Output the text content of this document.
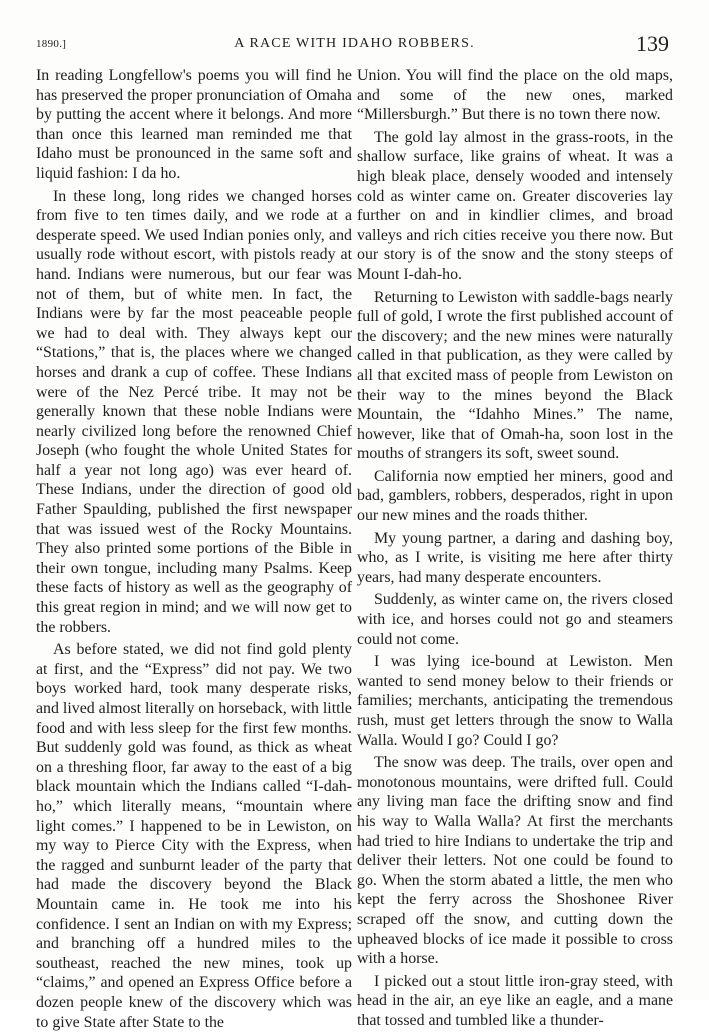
1890.]	A RACE WITH IDAHO ROBBERS.	139

In reading Longfellow's poems you will find he has preserved the proper pronunciation of Omaha by putting the accent where it belongs. And more than once this learned man reminded me that Idaho must be pronounced in the same soft and liquid fashion: I da ho.

In these long, long rides we changed horses from five to ten times daily, and we rode at a desperate speed. We used Indian ponies only, and usually rode without escort, with pistols ready at hand. Indians were numerous, but our fear was not of them, but of white men. In fact, the Indians were by far the most peaceable people we had to deal with. They always kept our “Stations,” that is, the places where we changed horses and drank a cup of coffee. These Indians were of the Nez Percé tribe. It may not be generally known that these noble Indians were nearly civilized long before the renowned Chief Joseph (who fought the whole United States for half a year not long ago) was ever heard of. These Indians, under the direction of good old Father Spaulding, published the first newspaper that was issued west of the Rocky Mountains. They also printed some portions of the Bible in their own tongue, including many Psalms. Keep these facts of history as well as the geography of this great region in mind; and we will now get to the robbers.

As before stated, we did not find gold plenty at first, and the “Express” did not pay. We two boys worked hard, took many desperate risks, and lived almost literally on horseback, with little food and with less sleep for the first few months. But suddenly gold was found, as thick as wheat on a threshing floor, far away to the east of a big black mountain which the Indians called “I-dah-ho,” which literally means, “mountain where light comes.” I happened to be in Lewiston, on my way to Pierce City with the Express, when the ragged and sunburnt leader of the party that had made the discovery beyond the Black Mountain came in. He took me into his confidence. I sent an Indian on with my Express; and branching off a hundred miles to the southeast, reached the new mines, took up “claims,” and opened an Express Office before a dozen people knew of the discovery which was to give State after State to the

Union. You will find the place on the old maps, and some of the new ones, marked “Millersburgh.” But there is no town there now.

The gold lay almost in the grass-roots, in the shallow surface, like grains of wheat. It was a high bleak place, densely wooded and intensely cold as winter came on. Greater discoveries lay further on and in kindlier climes, and broad valleys and rich cities receive you there now. But our story is of the snow and the stony steeps of Mount I-dah-ho.

Returning to Lewiston with saddle-bags nearly full of gold, I wrote the first published account of the discovery; and the new mines were naturally called in that publication, as they were called by all that excited mass of people from Lewiston on their way to the mines beyond the Black Mountain, the “Idahho Mines.” The name, however, like that of Omah-ha, soon lost in the mouths of strangers its soft, sweet sound.

California now emptied her miners, good and bad, gamblers, robbers, desperados, right in upon our new mines and the roads thither.

My young partner, a daring and dashing boy, who, as I write, is visiting me here after thirty years, had many desperate encounters.

Suddenly, as winter came on, the rivers closed with ice, and horses could not go and steamers could not come.

I was lying ice-bound at Lewiston. Men wanted to send money below to their friends or families; merchants, anticipating the tremendous rush, must get letters through the snow to Walla Walla. Would I go? Could I go?

The snow was deep. The trails, over open and monotonous mountains, were drifted full. Could any living man face the drifting snow and find his way to Walla Walla? At first the merchants had tried to hire Indians to undertake the trip and deliver their letters. Not one could be found to go. When the storm abated a little, the men who kept the ferry across the Shoshonee River scraped off the snow, and cutting down the upheaved blocks of ice made it possible to cross with a horse.

I picked out a stout little iron-gray steed, with head in the air, an eye like an eagle, and a mane that tossed and tumbled like a thunder-
